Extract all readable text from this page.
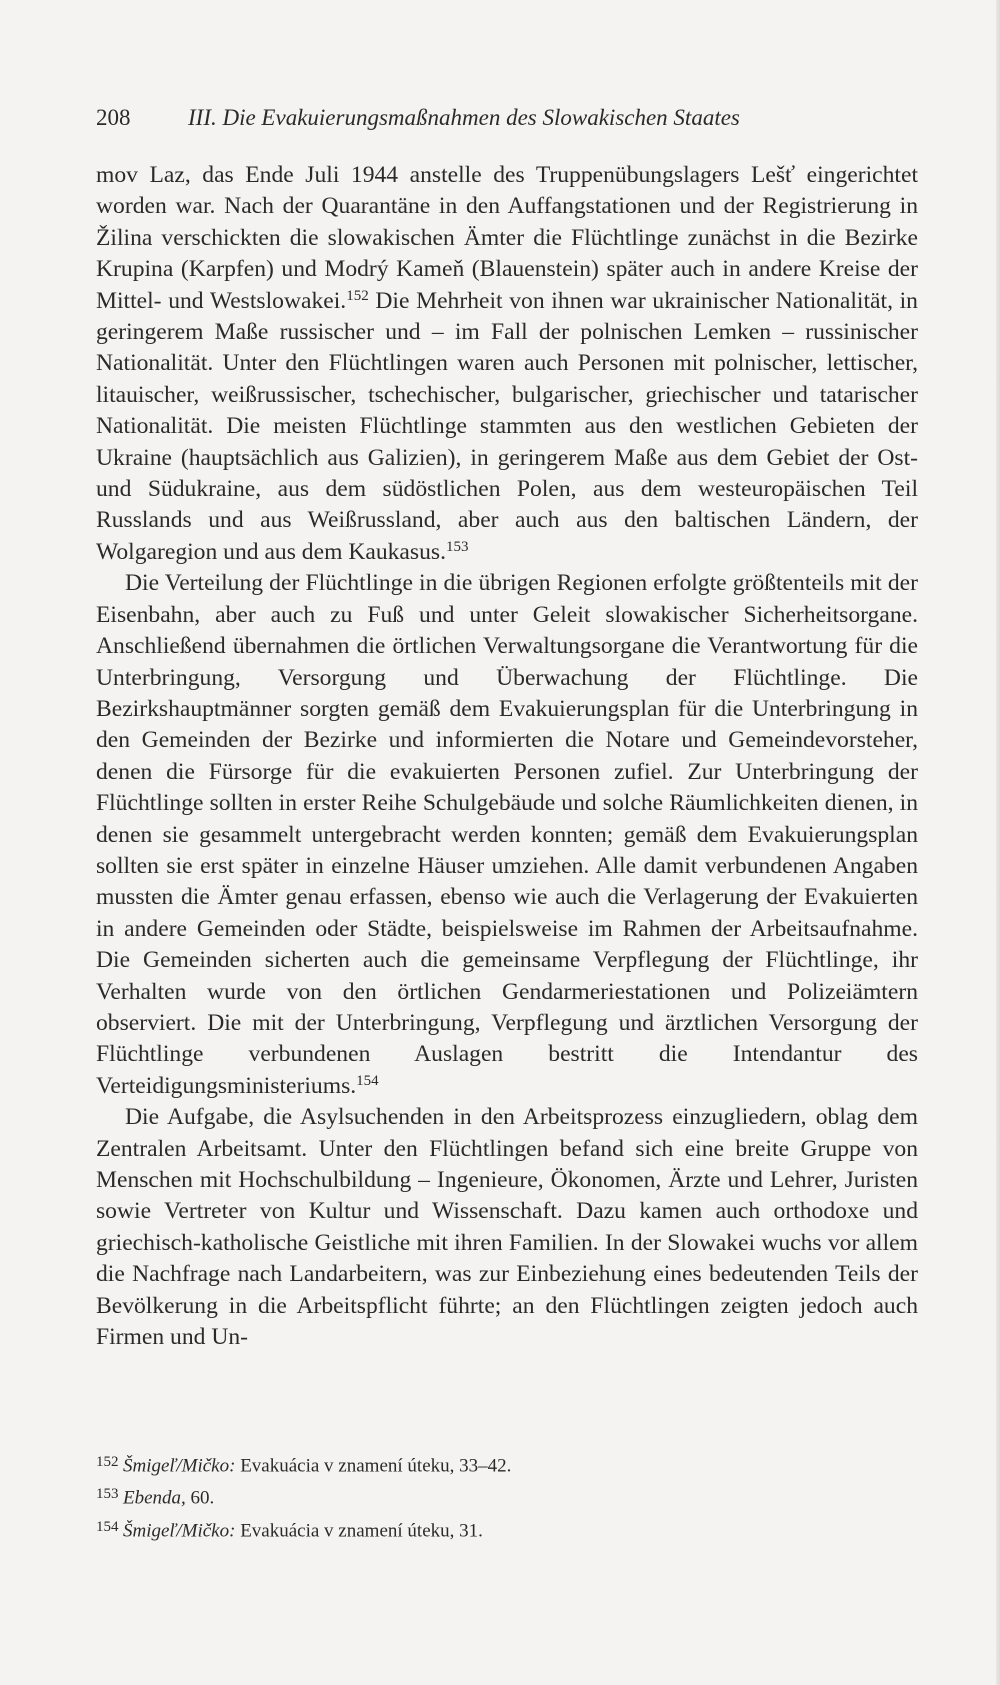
208	III. Die Evakuierungsmaßnahmen des Slowakischen Staates

mov Laz, das Ende Juli 1944 anstelle des Truppenübungslagers Lešť eingerichtet worden war. Nach der Quarantäne in den Auffangstationen und der Registrierung in Žilina verschickten die slowakischen Ämter die Flüchtlinge zunächst in die Bezirke Krupina (Karpfen) und Modrý Kameň (Blauenstein) später auch in andere Kreise der Mittel- und Westslowakei.$^{152}$ Die Mehrheit von ihnen war ukrainischer Nationalität, in geringerem Maße russischer und – im Fall der polnischen Lemken – russinischer Nationalität. Unter den Flüchtlingen waren auch Personen mit polnischer, lettischer, litauischer, weißrussischer, tschechischer, bulgarischer, griechischer und tatarischer Nationalität. Die meisten Flüchtlinge stammten aus den westlichen Gebieten der Ukraine (hauptsächlich aus Galizien), in geringerem Maße aus dem Gebiet der Ost- und Südukraine, aus dem südöstlichen Polen, aus dem westeuropäischen Teil Russlands und aus Weißrussland, aber auch aus den baltischen Ländern, der Wolgaregion und aus dem Kaukasus.$^{153}$

Die Verteilung der Flüchtlinge in die übrigen Regionen erfolgte größtenteils mit der Eisenbahn, aber auch zu Fuß und unter Geleit slowakischer Sicherheitsorgane. Anschließend übernahmen die örtlichen Verwaltungsorgane die Verantwortung für die Unterbringung, Versorgung und Überwachung der Flüchtlinge. Die Bezirkshauptmänner sorgten gemäß dem Evakuierungsplan für die Unterbringung in den Gemeinden der Bezirke und informierten die Notare und Gemeindevorsteher, denen die Fürsorge für die evakuierten Personen zufiel. Zur Unterbringung der Flüchtlinge sollten in erster Reihe Schulgebäude und solche Räumlichkeiten dienen, in denen sie gesammelt untergebracht werden konnten; gemäß dem Evakuierungsplan sollten sie erst später in einzelne Häuser umziehen. Alle damit verbundenen Angaben mussten die Ämter genau erfassen, ebenso wie auch die Verlagerung der Evakuierten in andere Gemeinden oder Städte, beispielsweise im Rahmen der Arbeitsaufnahme. Die Gemeinden sicherten auch die gemeinsame Verpflegung der Flüchtlinge, ihr Verhalten wurde von den örtlichen Gendarmeriestationen und Polizeiämtern observiert. Die mit der Unterbringung, Verpflegung und ärztlichen Versorgung der Flüchtlinge verbundenen Auslagen bestritt die Intendantur des Verteidigungsministeriums.$^{154}$

Die Aufgabe, die Asylsuchenden in den Arbeitsprozess einzugliedern, oblag dem Zentralen Arbeitsamt. Unter den Flüchtlingen befand sich eine breite Gruppe von Menschen mit Hochschulbildung – Ingenieure, Ökonomen, Ärzte und Lehrer, Juristen sowie Vertreter von Kultur und Wissenschaft. Dazu kamen auch orthodoxe und griechisch-katholische Geistliche mit ihren Familien. In der Slowakei wuchs vor allem die Nachfrage nach Landarbeitern, was zur Einbeziehung eines bedeutenden Teils der Bevölkerung in die Arbeitspflicht führte; an den Flüchtlingen zeigten jedoch auch Firmen und Un-

152 Šmigeľ/Mičko: Evakuácia v znamení úteku, 33–42.
153 Ebenda, 60.
154 Šmigeľ/Mičko: Evakuácia v znamení úteku, 31.
